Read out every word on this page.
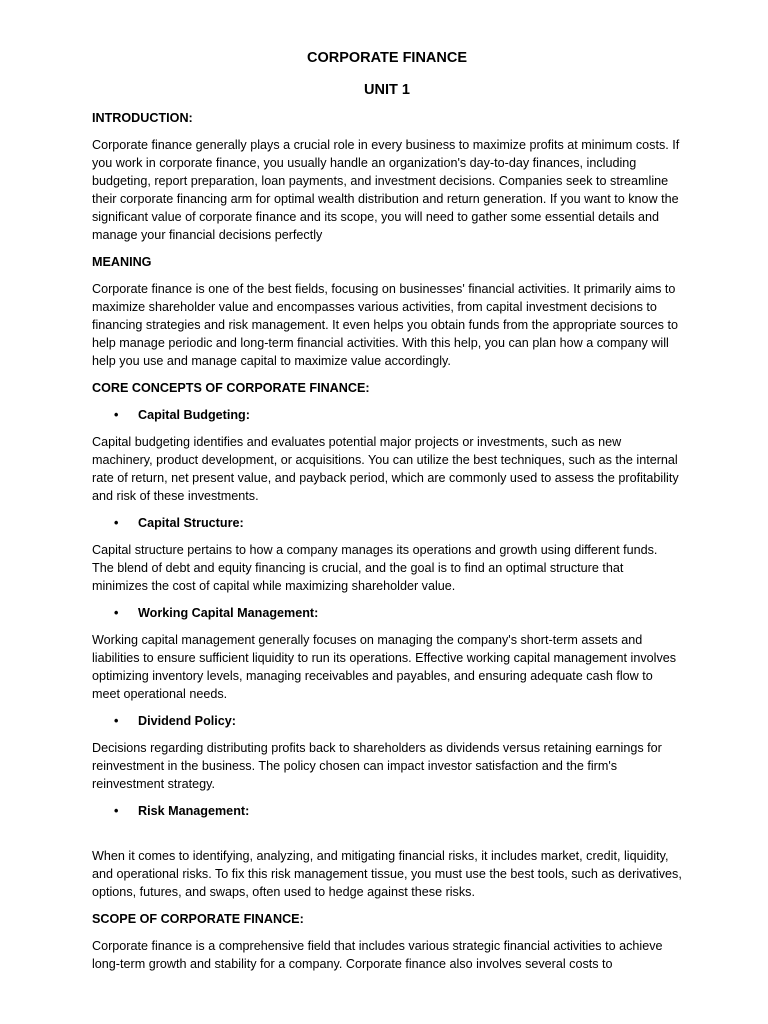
CORPORATE FINANCE
UNIT 1
INTRODUCTION:
Corporate finance generally plays a crucial role in every business to maximize profits at minimum costs. If you work in corporate finance, you usually handle an organization's day-to-day finances, including budgeting, report preparation, loan payments, and investment decisions. Companies seek to streamline their corporate financing arm for optimal wealth distribution and return generation. If you want to know the significant value of corporate finance and its scope, you will need to gather some essential details and manage your financial decisions perfectly
MEANING
Corporate finance is one of the best fields, focusing on businesses' financial activities. It primarily aims to maximize shareholder value and encompasses various activities, from capital investment decisions to financing strategies and risk management. It even helps you obtain funds from the appropriate sources to help manage periodic and long-term financial activities. With this help, you can plan how a company will help you use and manage capital to maximize value accordingly.
CORE CONCEPTS OF CORPORATE FINANCE:
• Capital Budgeting:
Capital budgeting identifies and evaluates potential major projects or investments, such as new machinery, product development, or acquisitions. You can utilize the best techniques, such as the internal rate of return, net present value, and payback period, which are commonly used to assess the profitability and risk of these investments.
• Capital Structure:
Capital structure pertains to how a company manages its operations and growth using different funds. The blend of debt and equity financing is crucial, and the goal is to find an optimal structure that minimizes the cost of capital while maximizing shareholder value.
• Working Capital Management:
Working capital management generally focuses on managing the company's short-term assets and liabilities to ensure sufficient liquidity to run its operations. Effective working capital management involves optimizing inventory levels, managing receivables and payables, and ensuring adequate cash flow to meet operational needs.
• Dividend Policy:
Decisions regarding distributing profits back to shareholders as dividends versus retaining earnings for reinvestment in the business. The policy chosen can impact investor satisfaction and the firm's reinvestment strategy.
• Risk Management:
When it comes to identifying, analyzing, and mitigating financial risks, it includes market, credit, liquidity, and operational risks. To fix this risk management tissue, you must use the best tools, such as derivatives, options, futures, and swaps, often used to hedge against these risks.
SCOPE OF CORPORATE FINANCE:
Corporate finance is a comprehensive field that includes various strategic financial activities to achieve long-term growth and stability for a company. Corporate finance also involves several costs to
